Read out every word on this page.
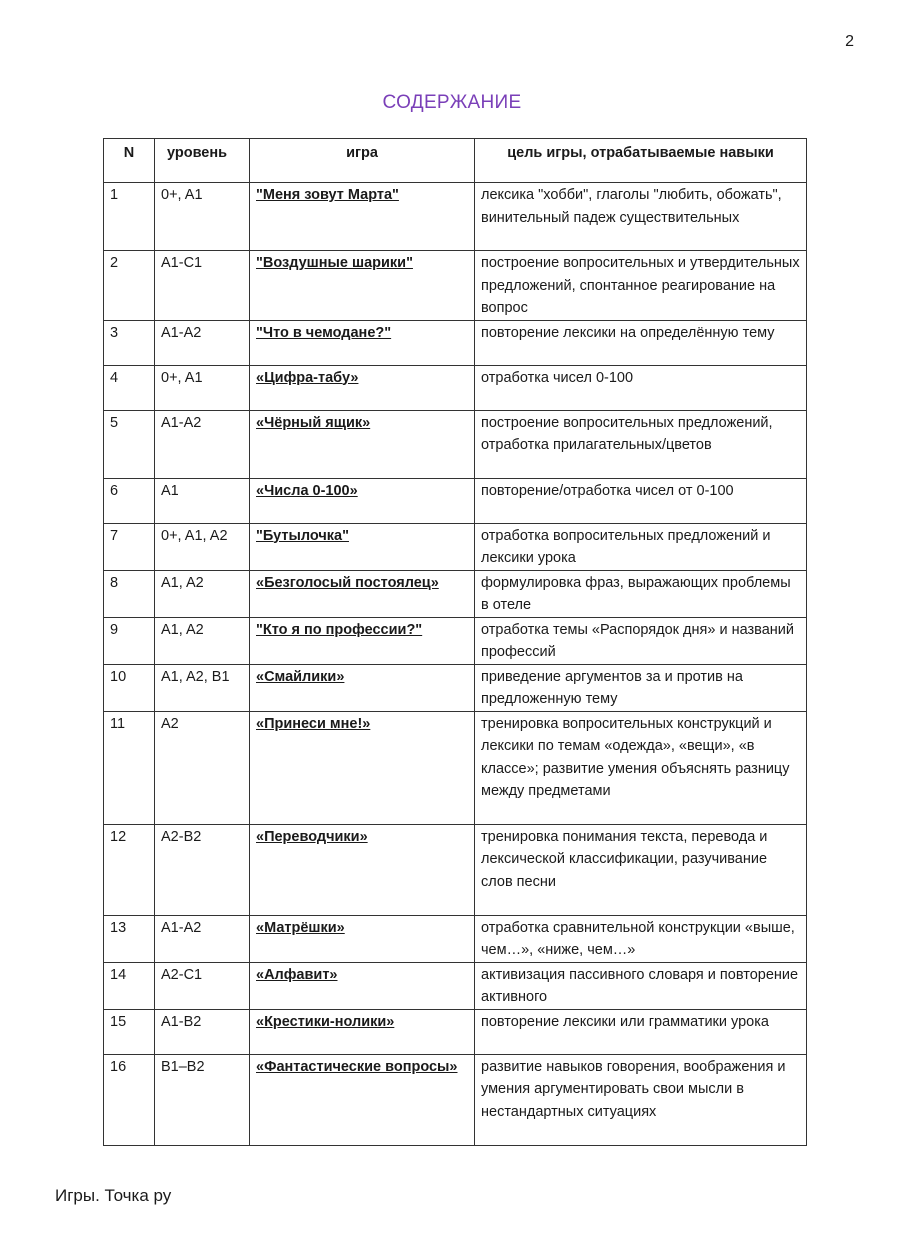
2
СОДЕРЖАНИЕ
N	уровень	игра	цель игры, отрабатываемые навыки
1	0+, A1	"Меня зовут Марта"	лексика "хобби", глаголы "любить, обожать", винительный падеж существительных
2	A1-C1	"Воздушные шарики"	построение вопросительных и утвердительных предложений, спонтанное реагирование на вопрос
3	A1-A2	"Что в чемодане?"	повторение лексики на определённую тему
4	0+, A1	«Цифра-табу»	отработка чисел 0-100
5	A1-A2	«Чёрный ящик»	построение вопросительных предложений, отработка прилагательных/цветов
6	A1	«Числа 0-100»	повторение/отработка чисел от 0-100
7	0+, A1, A2	"Бутылочка"	отработка вопросительных предложений и лексики урока
8	A1, A2	«Безголосый постоялец»	формулировка фраз, выражающих проблемы в отеле
9	A1, A2	"Кто я по профессии?"	отработка темы «Распорядок дня» и названий профессий
10	A1, A2, B1	«Смайлики»	приведение аргументов за и против на предложенную тему
11	A2	«Принеси мне!»	тренировка вопросительных конструкций и лексики по темам «одежда», «вещи», «в классе»; развитие умения объяснять разницу между предметами
12	A2-B2	«Переводчики»	тренировка понимания текста, перевода и лексической классификации, разучивание слов песни
13	A1-A2	«Матрёшки»	отработка сравнительной конструкции «выше, чем…», «ниже, чем…»
14	A2-C1	«Алфавит»	активизация пассивного словаря и повторение активного
15	A1-B2	«Крестики-нолики»	повторение лексики или грамматики урока
16	B1–B2	«Фантастические вопросы»	развитие навыков говорения, воображения и умения аргументировать свои мысли в нестандартных ситуациях
Игры. Точка ру
